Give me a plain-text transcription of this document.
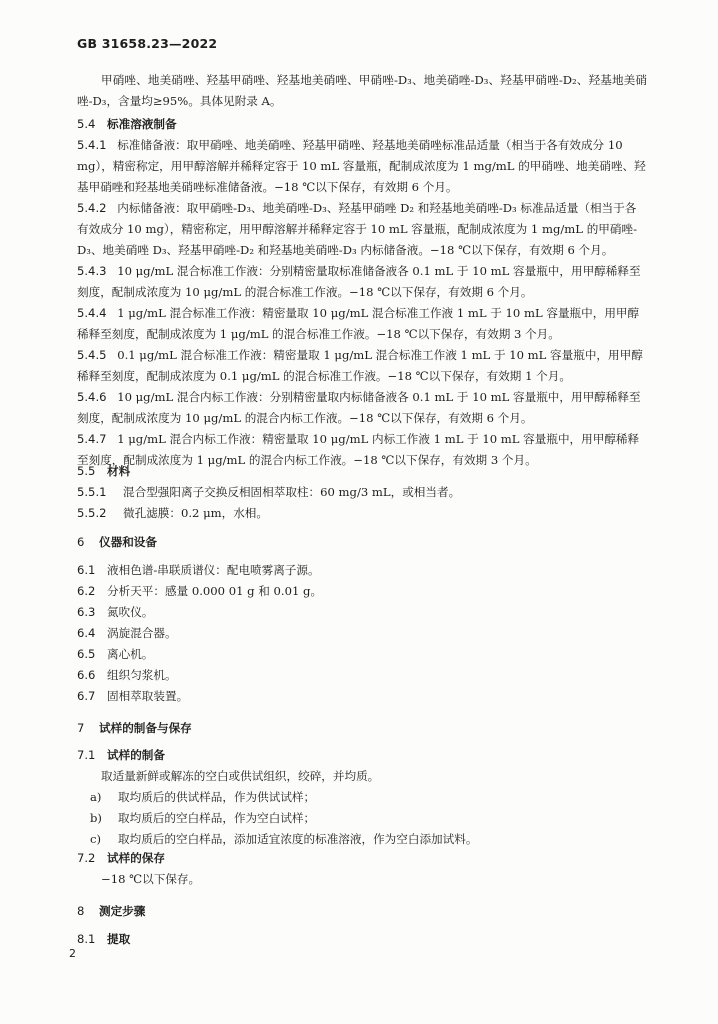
GB 31658.23—2022
甲硝唑、地美硝唑、羟基甲硝唑、羟基地美硝唑、甲硝唑-D₃、地美硝唑-D₃、羟基甲硝唑-D₂、羟基地美硝唑-D₃，含量均≥95%。具体见附录 A。
5.4 标准溶液制备
5.4.1 标准储备液：取甲硝唑、地美硝唑、羟基甲硝唑、羟基地美硝唑标准品适量（相当于各有效成分 10 mg），精密称定，用甲醇溶解并稀释定容于 10 mL 容量瓶，配制成浓度为 1 mg/mL 的甲硝唑、地美硝唑、羟基甲硝唑和羟基地美硝唑标准储备液。−18 ℃以下保存，有效期 6 个月。
5.4.2 内标储备液：取甲硝唑-D₃、地美硝唑-D₃、羟基甲硝唑 D₂ 和羟基地美硝唑-D₃ 标准品适量（相当于各有效成分 10 mg），精密称定，用甲醇溶解并稀释定容于 10 mL 容量瓶，配制成浓度为 1 mg/mL 的甲硝唑-D₃、地美硝唑 D₃、羟基甲硝唑-D₂ 和羟基地美硝唑-D₃ 内标储备液。−18 ℃以下保存，有效期 6 个月。
5.4.3 10 μg/mL 混合标准工作液：分别精密量取标准储备液各 0.1 mL 于 10 mL 容量瓶中，用甲醇稀释至刻度，配制成浓度为 10 μg/mL 的混合标准工作液。−18 ℃以下保存，有效期 6 个月。
5.4.4 1 μg/mL 混合标准工作液：精密量取 10 μg/mL 混合标准工作液 1 mL 于 10 mL 容量瓶中，用甲醇稀释至刻度，配制成浓度为 1 μg/mL 的混合标准工作液。−18 ℃以下保存，有效期 3 个月。
5.4.5 0.1 μg/mL 混合标准工作液：精密量取 1 μg/mL 混合标准工作液 1 mL 于 10 mL 容量瓶中，用甲醇稀释至刻度，配制成浓度为 0.1 μg/mL 的混合标准工作液。−18 ℃以下保存，有效期 1 个月。
5.4.6 10 μg/mL 混合内标工作液：分别精密量取内标储备液各 0.1 mL 于 10 mL 容量瓶中，用甲醇稀释至刻度，配制成浓度为 10 μg/mL 的混合内标工作液。−18 ℃以下保存，有效期 6 个月。
5.4.7 1 μg/mL 混合内标工作液：精密量取 10 μg/mL 内标工作液 1 mL 于 10 mL 容量瓶中，用甲醇稀释至刻度，配制成浓度为 1 μg/mL 的混合内标工作液。−18 ℃以下保存，有效期 3 个月。
5.5 材料
5.5.1	混合型强阳离子交换反相固相萃取柱：60 mg/3 mL，或相当者。
5.5.2	微孔滤膜：0.2 μm，水相。
6	仪器和设备
6.1 液相色谱-串联质谱仪：配电喷雾离子源。
6.2 分析天平：感量 0.000 01 g 和 0.01 g。
6.3 氮吹仪。
6.4 涡旋混合器。
6.5 离心机。
6.6 组织匀浆机。
6.7 固相萃取装置。
7	试样的制备与保存
7.1 试样的制备
取适量新鲜或解冻的空白或供试组织，绞碎，并均质。
a)	取均质后的供试样品，作为供试试样；
b)	取均质后的空白样品，作为空白试样；
c)	取均质后的空白样品，添加适宜浓度的标准溶液，作为空白添加试料。
7.2 试样的保存
−18 ℃以下保存。
8	测定步骤
8.1 提取
2
